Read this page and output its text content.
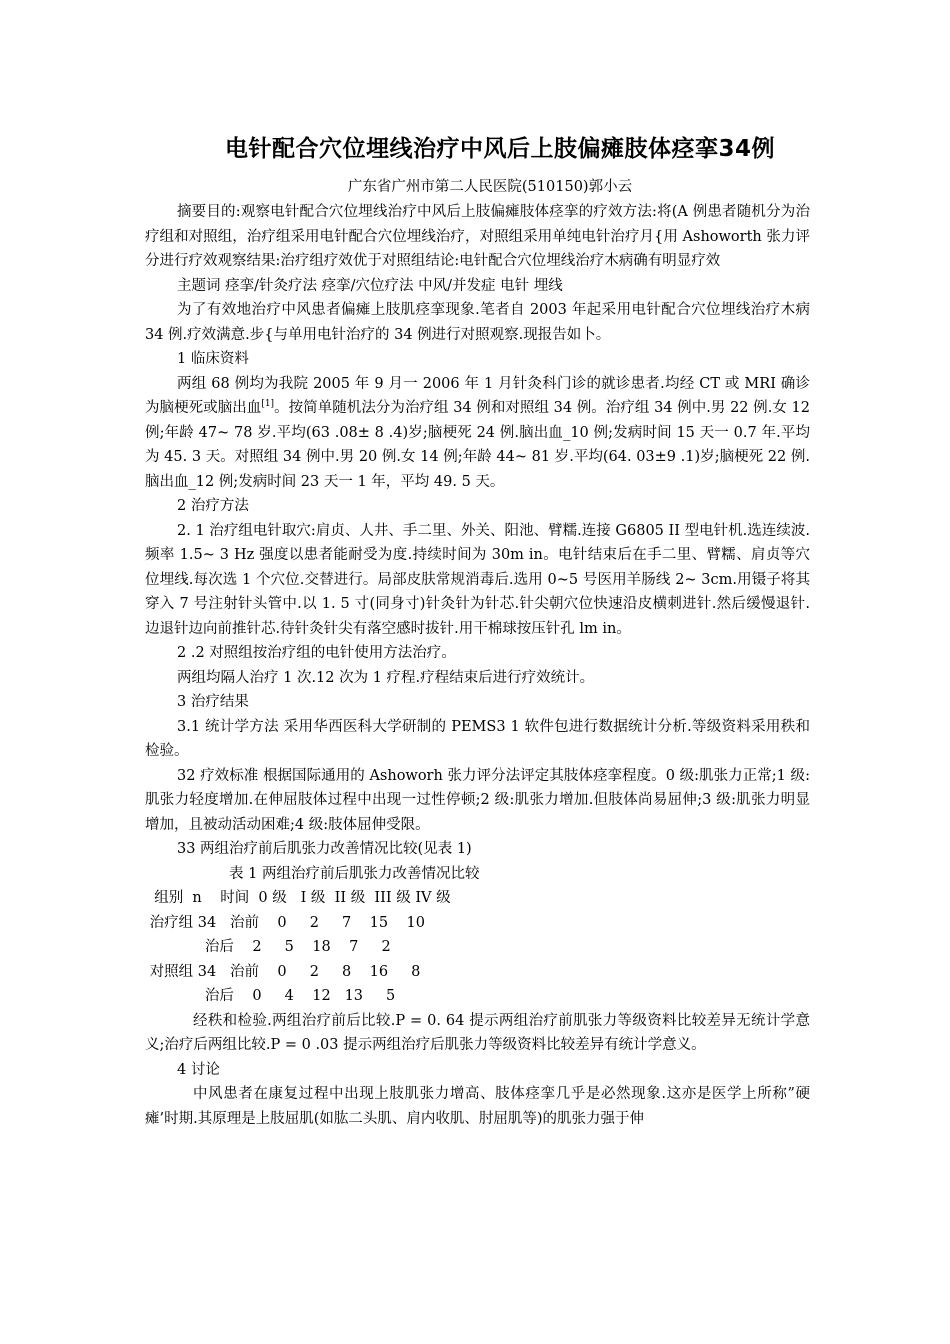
电针配合穴位埋线治疗中风后上肢偏瘫肢体痉挛34例
广东省广州市第二人民医院(510150)郭小云

摘要目的:观察电针配合穴位埋线治疗中风后上肢偏瘫肢体痉挛的疗效方法:将(A 例患者随机分为治疗组和对照组，治疗组采用电针配合穴位埋线治疗，对照组采用单纯电针治疗月{用 Ashoworth 张力评分进行疗效观察结果:治疗组疗效优于对照组结论:电针配合穴位埋线治疗木病确有明显疗效

主题词 痉挛/针灸疗法 痉挛/穴位疗法 中风/并发症 电针 埋线

为了有效地治疗中风患者偏瘫上肢肌痉挛现象.笔者自 2003 年起采用电针配合穴位埋线治疗木病 34 例.疗效满意.步{与单用电针治疗的 34 例进行对照观察.现报告如卜。

1 临床资料

两组 68 例均为我院 2005 年 9 月一 2006 年 1 月针灸科门诊的就诊患者.均经 CT 或 MRI 确诊为脑梗死或脑出血[1]。按简单随机法分为治疗组 34 例和对照组 34 例。治疗组 34 例中.男 22 例.女 12 例;年龄 47~ 78 岁.平均(63 .08± 8 .4)岁;脑梗死 24 例.脑出血_10 例;发病时间 15 天一 0.7 年.平均为 45. 3 天。对照组 34 例中.男 20 例.女 14 例;年龄 44~ 81 岁.平均(64. 03±9 .1)岁;脑梗死 22 例.脑出血_12 例;发病时间 23 天一 1 年，平均 49. 5 天。

2 治疗方法

2. 1 治疗组电针取穴:肩贞、人井、手二里、外关、阳池、臂糯.连接 G6805 II 型电针机.选连续波.频率 1.5~ 3 Hz 强度以患者能耐受为度.持续时间为 30m in。电针结束后在手二里、臂糯、肩贞等穴位埋线.每次选 1 个穴位.交替进行。局部皮肤常规消毒后.选用 0~5 号医用羊肠线 2~ 3cm.用镊子将其穿入 7 号注射针头管中.以 1. 5 寸(同身寸)针灸针为针芯.针尖朝穴位快速沿皮横刺进针.然后缓慢退针.边退针边向前推针芯.待针灸针尖有落空感时拔针.用干棉球按压针孔 lm in。

2 .2 对照组按治疗组的电针使用方法治疗。

两组均隔人治疗 1 次.12 次为 1 疗程.疗程结束后进行疗效统计。

3 治疗结果

3.1 统计学方法 采用华西医科大学研制的 PEMS3 1 软件包进行数据统计分析.等级资料采用秩和检验。

32 疗效标准 根据国际通用的 Ashoworh 张力评分法评定其肢体痉挛程度。0 级:肌张力正常;1 级:肌张力轻度增加.在伸屈肢体过程中出现一过性停顿;2 级:肌张力增加.但肢体尚易屈伸;3 级:肌张力明显增加，且被动活动困难;4 级:肢体屈伸受限。

33 两组治疗前后肌张力改善情况比较(见表 1)

表 1 两组治疗前后肌张力改善情况比较

组别  n    时间  0 级   I 级  II 级  III 级 IV 级

治疗组 34   治前    0     2     7    15    10

治后    2     5    18    7     2

对照组 34   治前    0     2     8    16     8

治后    0     4    12   13     5

经秩和检验.两组治疗前后比较.P = 0. 64 提示两组治疗前肌张力等级资料比较差异无统计学意义;治疗后两组比较.P = 0 .03 提示两组治疗后肌张力等级资料比较差异有统计学意义。

4 讨论

中风患者在康复过程中出现上肢肌张力增高、肢体痉挛几乎是必然现象.这亦是医学上所称”硬瘫’时期.其原理是上肢屈肌(如肱二头肌、肩内收肌、肘屈肌等)的肌张力强于伸
